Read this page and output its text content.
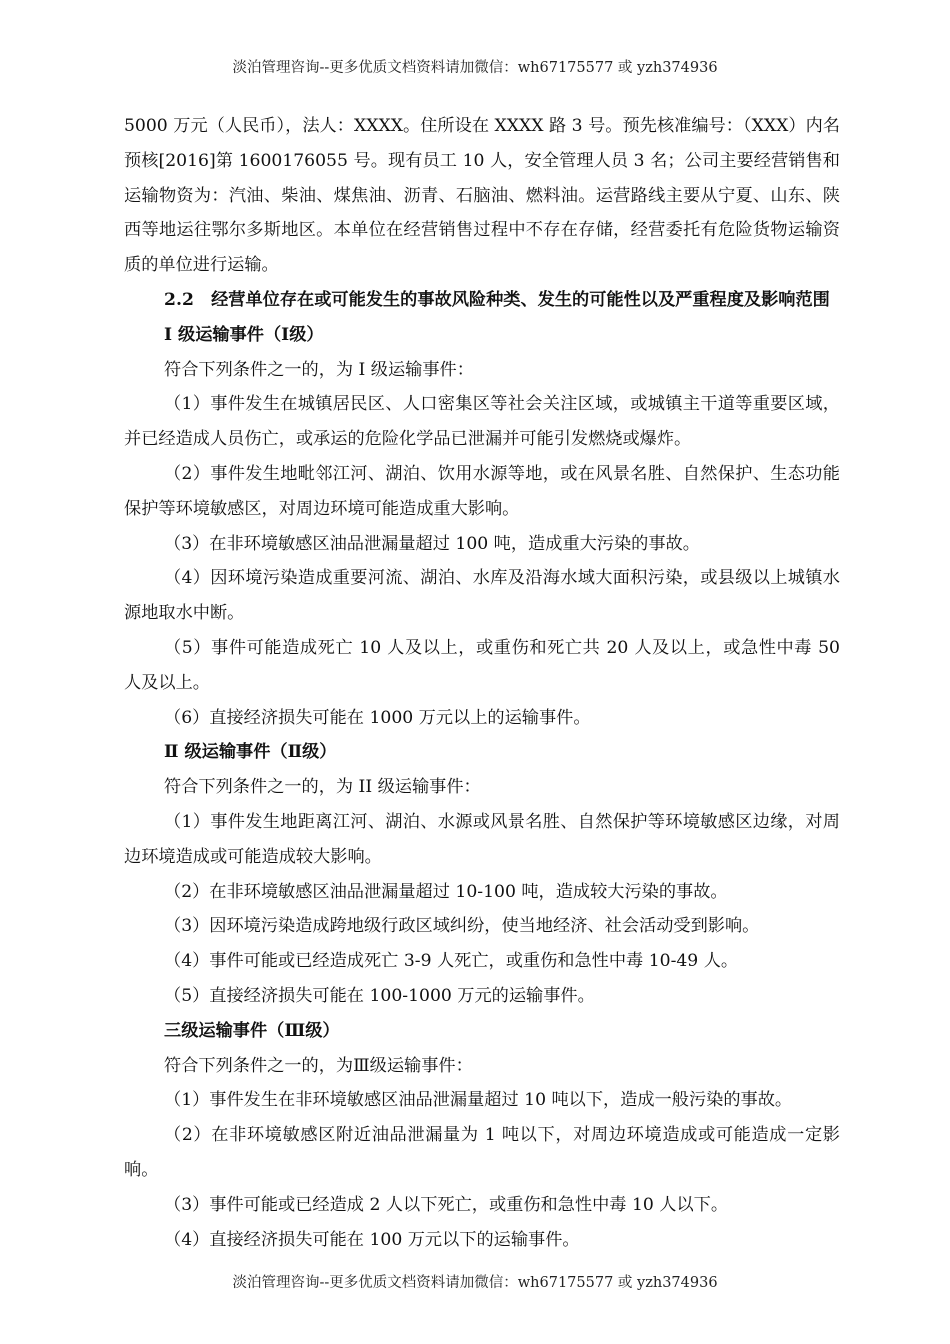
淡泊管理咨询--更多优质文档资料请加微信：wh67175577 或 yzh374936

5000 万元（人民币），法人：XXXX。住所设在 XXXX 路 3 号。预先核准编号：（XXX）内名预核[2016]第 1600176055 号。现有员工 10 人，安全管理人员 3 名；公司主要经营销售和运输物资为：汽油、柴油、煤焦油、沥青、石脑油、燃料油。运营路线主要从宁夏、山东、陕西等地运往鄂尔多斯地区。本单位在经营销售过程中不存在存储，经营委托有危险货物运输资质的单位进行运输。

2.2　经营单位存在或可能发生的事故风险种类、发生的可能性以及严重程度及影响范围

Ⅰ 级运输事件（Ⅰ级）

符合下列条件之一的，为 I 级运输事件：

（1）事件发生在城镇居民区、人口密集区等社会关注区域，或城镇主干道等重要区域，并已经造成人员伤亡，或承运的危险化学品已泄漏并可能引发燃烧或爆炸。

（2）事件发生地毗邻江河、湖泊、饮用水源等地，或在风景名胜、自然保护、生态功能保护等环境敏感区，对周边环境可能造成重大影响。

（3）在非环境敏感区油品泄漏量超过 100 吨，造成重大污染的事故。

（4）因环境污染造成重要河流、湖泊、水库及沿海水域大面积污染，或县级以上城镇水源地取水中断。

（5）事件可能造成死亡 10 人及以上，或重伤和死亡共 20 人及以上，或急性中毒 50 人及以上。

（6）直接经济损失可能在 1000 万元以上的运输事件。

Ⅱ 级运输事件（Ⅱ级）

符合下列条件之一的，为 II 级运输事件：

（1）事件发生地距离江河、湖泊、水源或风景名胜、自然保护等环境敏感区边缘，对周边环境造成或可能造成较大影响。

（2）在非环境敏感区油品泄漏量超过 10-100 吨，造成较大污染的事故。

（3）因环境污染造成跨地级行政区域纠纷，使当地经济、社会活动受到影响。

（4）事件可能或已经造成死亡 3-9 人死亡，或重伤和急性中毒 10-49 人。

（5）直接经济损失可能在 100-1000 万元的运输事件。

三级运输事件（Ⅲ级）

符合下列条件之一的，为Ⅲ级运输事件：

（1）事件发生在非环境敏感区油品泄漏量超过 10 吨以下，造成一般污染的事故。

（2）在非环境敏感区附近油品泄漏量为 1 吨以下，对周边环境造成或可能造成一定影响。

（3）事件可能或已经造成 2 人以下死亡，或重伤和急性中毒 10 人以下。

（4）直接经济损失可能在 100 万元以下的运输事件。

淡泊管理咨询--更多优质文档资料请加微信：wh67175577 或 yzh374936
